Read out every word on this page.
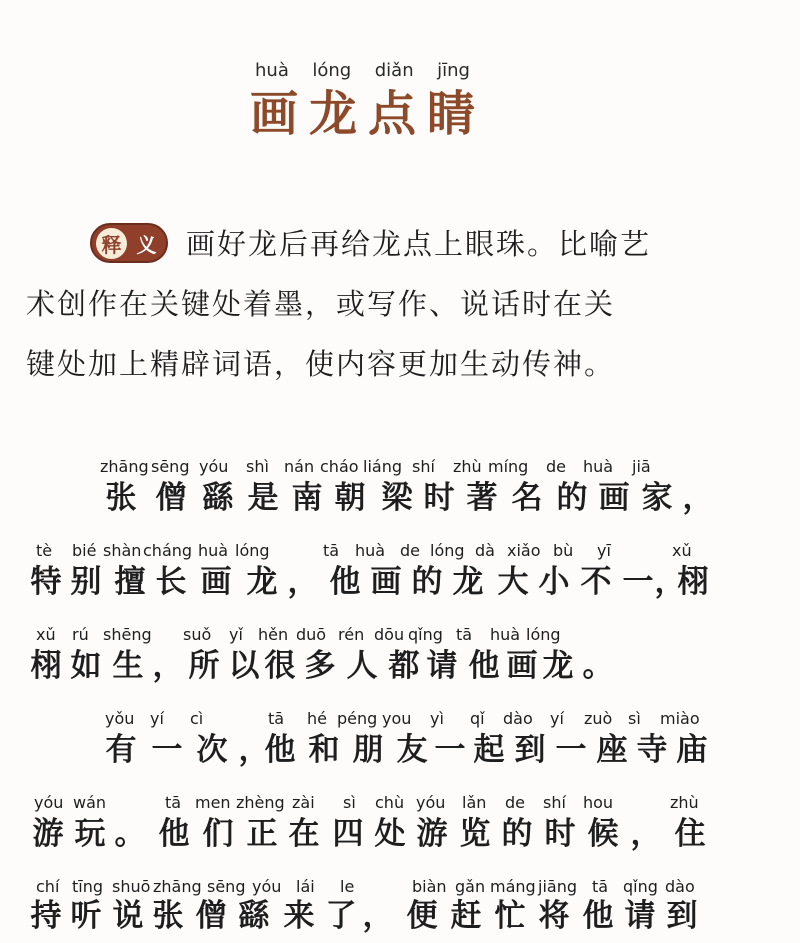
huà lóng diǎn jīng
画 龙 点 睛
释 义 画好龙后再给龙点上眼珠。比喻艺
术创作在关键处着墨，或写作、说话时在关
键处加上精辟词语，使内容更加生动传神。
zhāng sēng yóu shì nán cháo liáng shí zhù míng de huà jiā
张 僧 繇 是 南 朝 梁 时 著 名 的 画 家 ，
tè bié shàn cháng huà lóng	tā huà de lóng dà xiǎo bù yī	xǔ
特 别 擅 长 画 龙 ， 他 画 的 龙 大 小 不 一 ，
栩
xǔ rú shēng suǒ yǐ hěn duō rén dōu qǐng tā huà lóng
栩 如 生 ， 所 以 很 多 人 都 请 他 画 龙 。
yǒu yí cì	tā hé péng you yì qǐ dào yí zuò sì miào
有 一 次 ，
他 和 朋 友 一 起 到 一 座 寺 庙
yóu wán	tā men zhèng zài sì chù yóu lǎn de shí hou	zhù
游 玩 。 他 们 正 在 四 处 游 览 的 时 候 ， 住
chí tīng shuō zhāng sēng yóu lái le	biàn gǎn máng jiāng tā qǐng dào
持 听 说 张 僧 繇 来 了 ， 便 赶 忙 将 他 请 到
